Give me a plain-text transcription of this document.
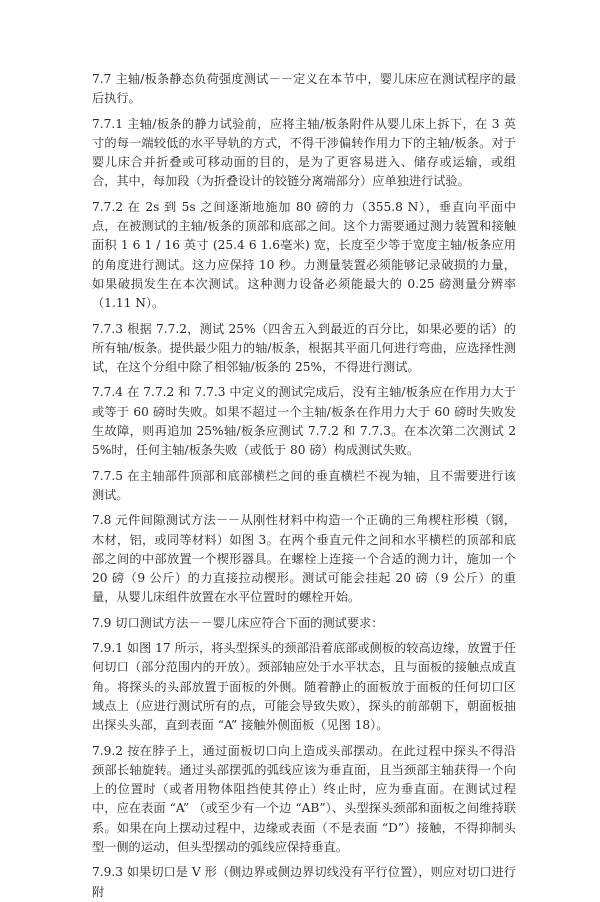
7.7 主轴/板条静态负荷强度测试－－定义在本节中，婴儿床应在测试程序的最后执行。

7.7.1 主轴/板条的静力试验前，应将主轴/板条附件从婴儿床上拆下，在 3 英寸的每一端较低的水平导轨的方式，不得干涉偏转作用力下的主轴/板条。对于婴儿床合并折叠或可移动面的目的，是为了更容易进入、储存或运输，或组合，其中，每加段（为折叠设计的铰链分离端部分）应单独进行试验。

7.7.2 在 2s 到 5s 之间逐渐地施加 80 磅的力（355.8 N），垂直向平面中点，在被测试的主轴/板条的顶部和底部之间。这个力需要通过测力装置和接触面积 1 6 1 / 16 英寸 (25.4 6 1.6毫米) 宽，长度至少等于宽度主轴/板条应用的角度进行测试。这力应保持 10 秒。力测量装置必须能够记录破损的力量，如果破损发生在本次测试。这种测力设备必须能最大的 0.25 磅测量分辨率（1.11 N）。

7.7.3 根据 7.7.2，测试 25%（四舍五入到最近的百分比，如果必要的话）的所有轴/板条。提供最少阻力的轴/板条，根据其平面几何进行弯曲，应选择性测试，在这个分组中除了相邻轴/板条的 25%，不得进行测试。

7.7.4 在 7.7.2 和 7.7.3 中定义的测试完成后，没有主轴/板条应在作用力大于或等于 60 磅时失败。如果不超过一个主轴/板条在作用力大于 60 磅时失败发生故障，则再追加 25%轴/板条应测试 7.7.2 和 7.7.3。在本次第二次测试 25%时，任何主轴/板条失败（或低于 80 磅）构成测试失败。

7.7.5 在主轴部件顶部和底部横栏之间的垂直横栏不视为轴，且不需要进行该测试。

7.8 元件间隙测试方法－－从刚性材料中构造一个正确的三角楔柱形模（钢，木材，铝，或同等材料）如图 3。在两个垂直元件之间和水平横栏的顶部和底部之间的中部放置一个楔形器具。在螺栓上连接一个合适的测力计，施加一个 20 磅（9 公斤）的力直接拉动楔形。测试可能会挂起 20 磅（9 公斤）的重量，从婴儿床组件放置在水平位置时的螺栓开始。

7.9 切口测试方法－－婴儿床应符合下面的测试要求：

7.9.1 如图 17 所示，将头型探头的颈部沿着底部或侧板的较高边缘，放置于任何切口（部分范围内的开放）。颈部轴应处于水平状态，且与面板的接触点成直角。将探头的头部放置于面板的外侧。随着静止的面板放于面板的任何切口区域点上（应进行测试所有的点，可能会导致失败），探头的前部朝下，朝面板抽出探头头部，直到表面 “A” 接触外侧面板（见图 18）。

7.9.2 按在脖子上，通过面板切口向上造成头部摆动。在此过程中探头不得沿颈部长轴旋转。通过头部摆弧的弧线应该为垂直面，且当颈部主轴获得一个向上的位置时（或者用物体阻挡使其停止）终止时，应为垂直面。在测试过程中，应在表面 “A” （或至少有一个边 “AB”）、头型探头颈部和面板之间维持联系。如果在向上摆动过程中，边缘或表面（不是表面 “D”）接触，不得抑制头型一侧的运动，但头型摆动的弧线应保持垂直。

7.9.3 如果切口是 V 形（侧边界或侧边界切线没有平行位置），则应对切口进行附
